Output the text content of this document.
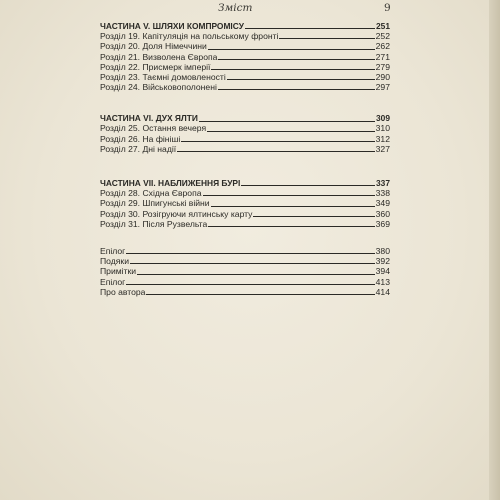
Зміст	9
ЧАСТИНА V. ШЛЯХИ КОМПРОМІСУ	251
Розділ 19. Капітуляція на польському фронті	252
Розділ 20. Доля Німеччини	262
Розділ 21. Визволена Європа	271
Розділ 22. Присмерк імперії	279
Розділ 23. Таємні домовленості	290
Розділ 24. Військовополонені	297
ЧАСТИНА VI. ДУХ ЯЛТИ	309
Розділ 25. Остання вечеря	310
Розділ 26. На фініші	312
Розділ 27. Дні надії	327
ЧАСТИНА VII. НАБЛИЖЕННЯ БУРІ	337
Розділ 28. Східна Європа	338
Розділ 29. Шпигунські війни	349
Розділ 30. Розігруючи ялтинську карту	360
Розділ 31. Після Рузвельта	369
Епілог	380
Подяки	392
Примітки	394
Епілог	413
Про автора	414
